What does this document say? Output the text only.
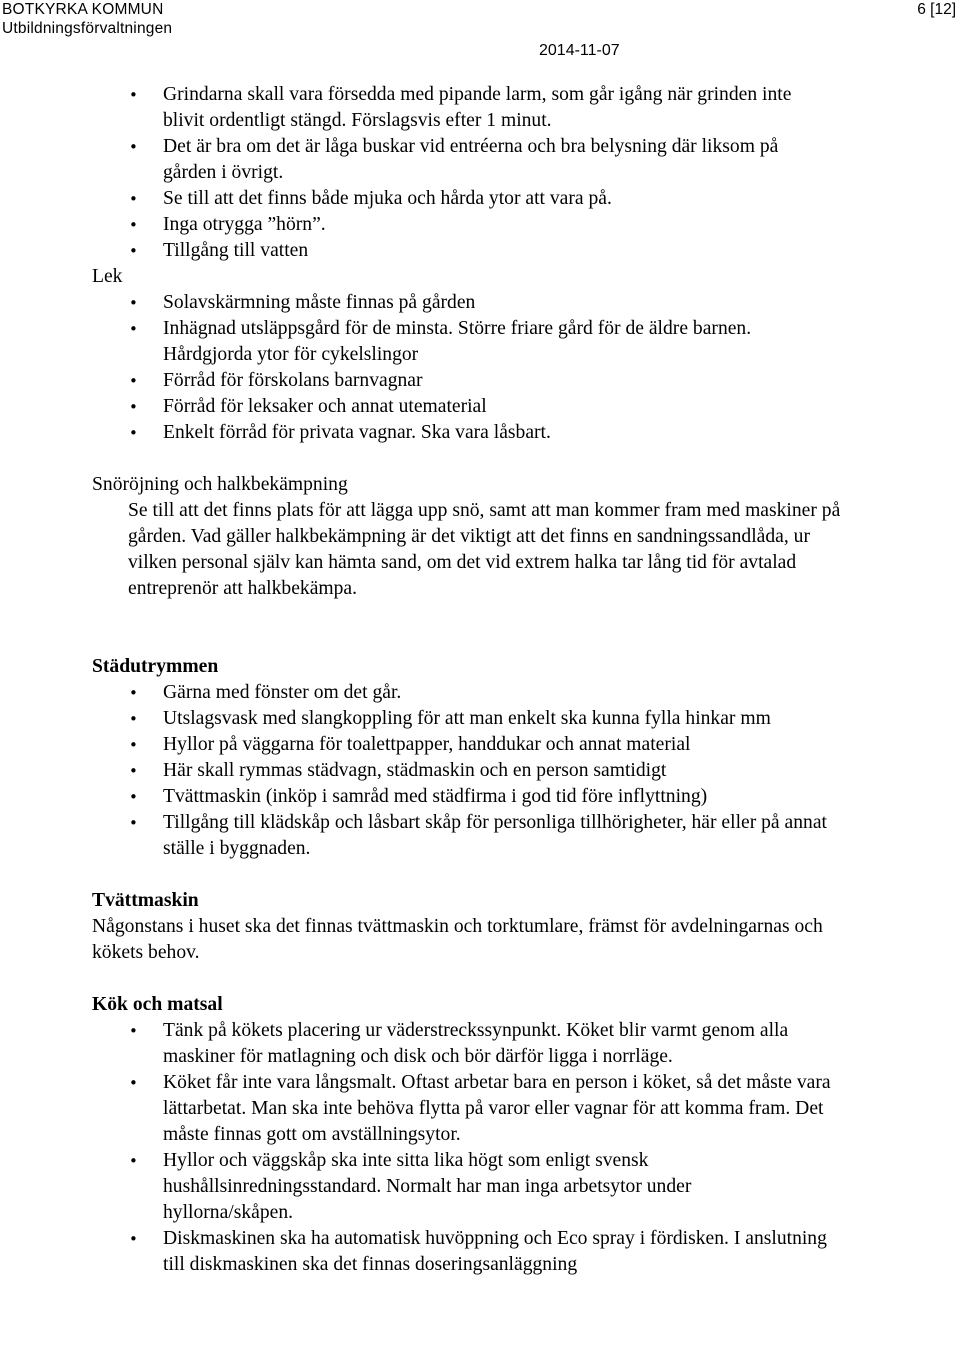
BOTKYRKA KOMMUN
Utbildningsförvaltningen
6 [12]
2014-11-07
• Grindarna skall vara försedda med pipande larm, som går igång när grinden inte blivit ordentligt stängd. Förslagsvis efter 1 minut.
• Det är bra om det är låga buskar vid entréerna och bra belysning där liksom på gården i övrigt.
• Se till att det finns både mjuka och hårda ytor att vara på.
• Inga otrygga ”hörn”.
• Tillgång till vatten
Lek
• Solavskärmning måste finnas på gården
• Inhägnad utsläppsgård för de minsta. Större friare gård för de äldre barnen. Hårdgjorda ytor för cykelslingor
• Förråd för förskolans barnvagnar
• Förråd för leksaker och annat utematerial
• Enkelt förråd för privata vagnar. Ska vara låsbart.
Snöröjning och halkbekämpning
Se till att det finns plats för att lägga upp snö, samt att man kommer fram med maskiner på gården. Vad gäller halkbekämpning är det viktigt att det finns en sandningssandlåda, ur vilken personal själv kan hämta sand, om det vid extrem halka tar lång tid för avtalad entreprenör att halkbekämpa.
Städutrymmen
• Gärna med fönster om det går.
• Utslagsvask med slangkoppling för att man enkelt ska kunna fylla hinkar mm
• Hyllor på väggarna för toalettpapper, handdukar och annat material
• Här skall rymmas städvagn, städmaskin och en person samtidigt
• Tvättmaskin (inköp i samråd med städfirma i god tid före inflyttning)
• Tillgång till klädskåp och låsbart skåp för personliga tillhörigheter, här eller på annat ställe i byggnaden.
Tvättmaskin
Någonstans i huset ska det finnas tvättmaskin och torktumlare, främst för avdelningarnas och kökets behov.
Kök och matsal
• Tänk på kökets placering ur väderstreckssynpunkt. Köket blir varmt genom alla maskiner för matlagning och disk och bör därför ligga i norrläge.
• Köket får inte vara långsmalt. Oftast arbetar bara en person i köket, så det måste vara lättarbetat. Man ska inte behöva flytta på varor eller vagnar för att komma fram. Det måste finnas gott om avställningsytor.
• Hyllor och väggskåp ska inte sitta lika högt som enligt svensk hushållsinredningsstandard. Normalt har man inga arbetsytor under hyllorna/skåpen.
• Diskmaskinen ska ha automatisk huvöppning och Eco spray i fördisken. I anslutning till diskmaskinen ska det finnas doseringsanläggning
